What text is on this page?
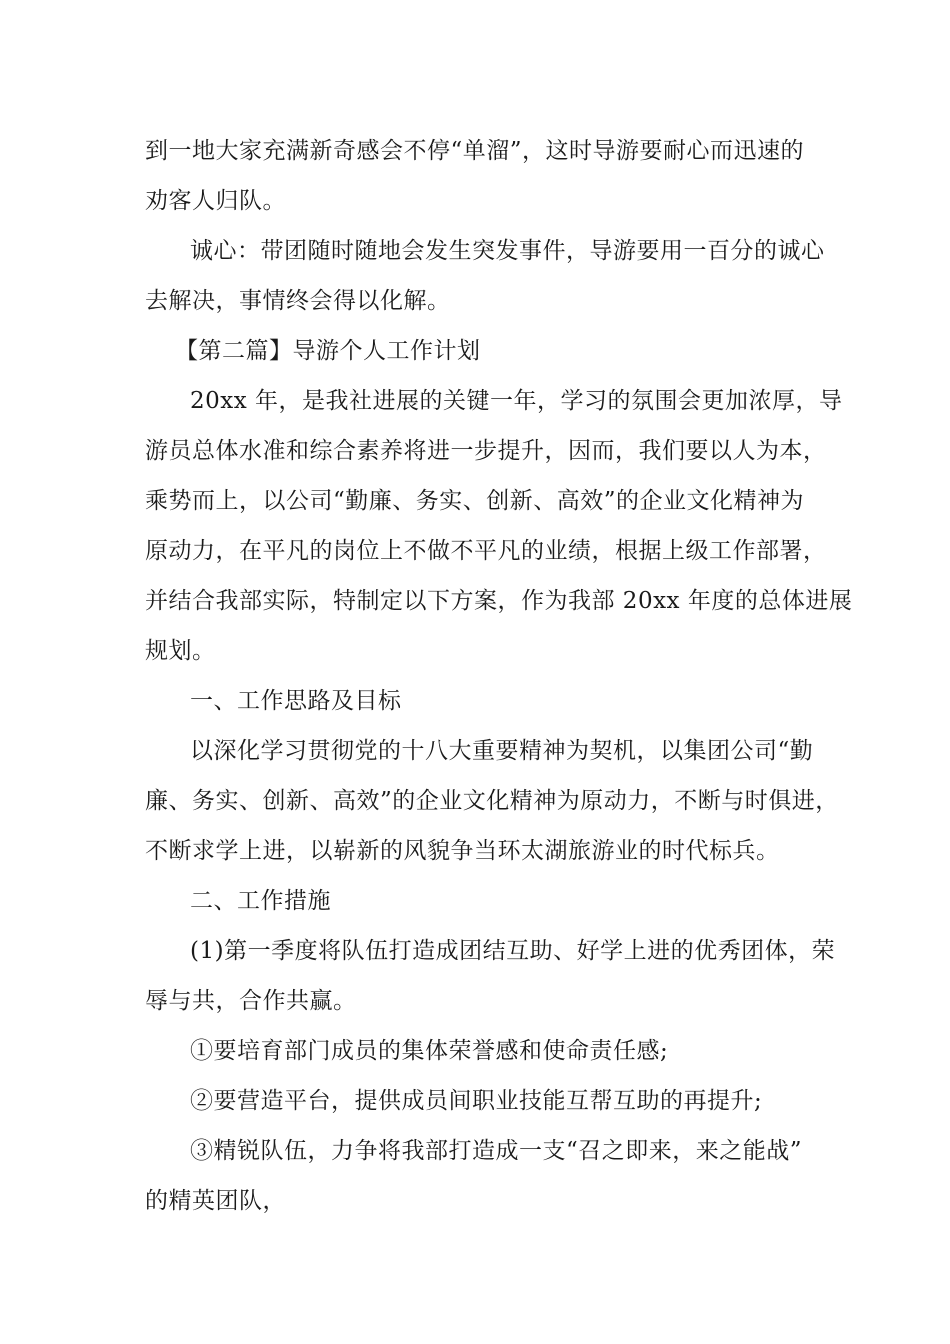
到一地大家充满新奇感会不停“单溜”，这时导游要耐心而迅速的
劝客人归队。
诚心：带团随时随地会发生突发事件，导游要用一百分的诚心
去解决，事情终会得以化解。
【第二篇】导游个人工作计划
20xx 年，是我社进展的关键一年，学习的氛围会更加浓厚，导
游员总体水准和综合素养将进一步提升，因而，我们要以人为本，
乘势而上，以公司“勤廉、务实、创新、高效”的企业文化精神为
原动力，在平凡的岗位上不做不平凡的业绩，根据上级工作部署，
并结合我部实际，特制定以下方案，作为我部 20xx 年度的总体进展
规划。
一、工作思路及目标
以深化学习贯彻党的十八大重要精神为契机，以集团公司“勤
廉、务实、创新、高效”的企业文化精神为原动力，不断与时俱进，
不断求学上进，以崭新的风貌争当环太湖旅游业的时代标兵。
二、工作措施
(1)第一季度将队伍打造成团结互助、好学上进的优秀团体，荣
辱与共，合作共赢。
①要培育部门成员的集体荣誉感和使命责任感;
②要营造平台，提供成员间职业技能互帮互助的再提升;
③精锐队伍，力争将我部打造成一支“召之即来，来之能战”
的精英团队，
